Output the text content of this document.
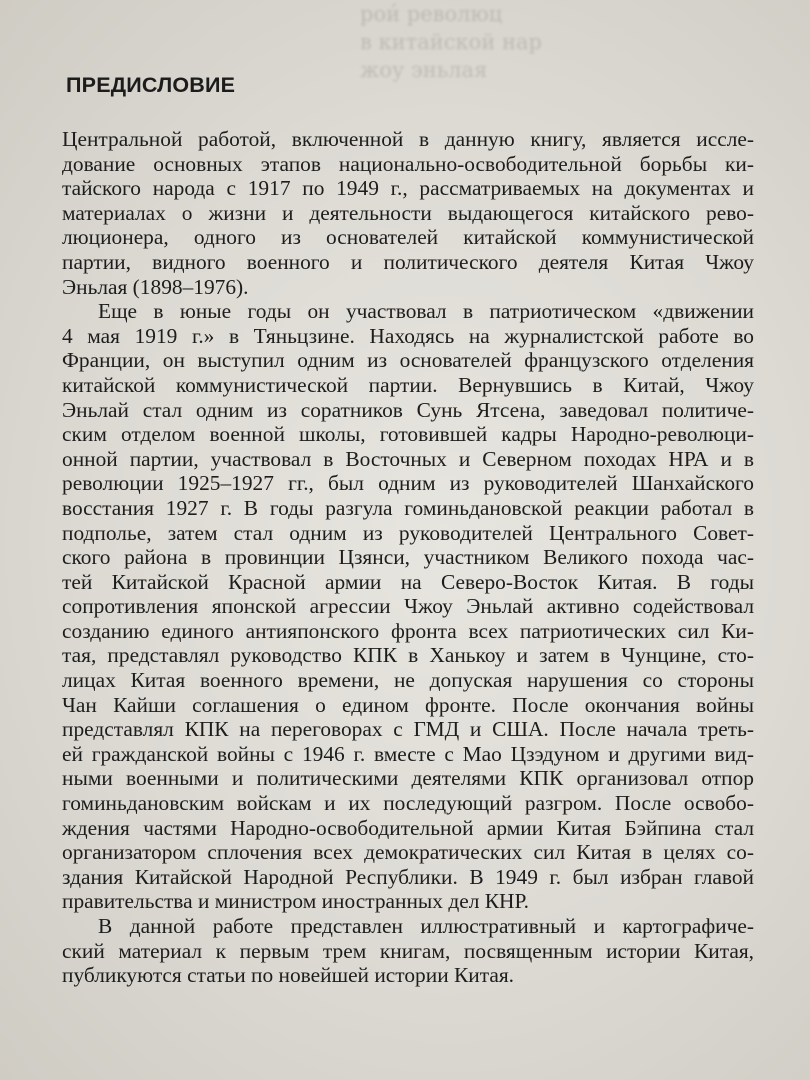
рои́ революц
в китайской нар
жоу эньлая
ПРЕДИСЛОВИЕ
Центральной работой, включенной в данную книгу, является иссле-
дование основных этапов национально-освободительной борьбы ки-
тайского народа с 1917 по 1949 г., рассматриваемых на документах и
материалах о жизни и деятельности выдающегося китайского рево-
люционера, одного из основателей китайской коммунистической
партии, видного военного и политического деятеля Китая Чжоу
Эньлая (1898–1976).
Еще в юные годы он участвовал в патриотическом «движении
4 мая 1919 г.» в Тяньцзине. Находясь на журналистской работе во
Франции, он выступил одним из основателей французского отделения
китайской коммунистической партии. Вернувшись в Китай, Чжоу
Эньлай стал одним из соратников Сунь Ятсена, заведовал политиче-
ским отделом военной школы, готовившей кадры Народно-революци-
онной партии, участвовал в Восточных и Северном походах НРА и в
революции 1925–1927 гг., был одним из руководителей Шанхайского
восстания 1927 г. В годы разгула гоминьдановской реакции работал в
подполье, затем стал одним из руководителей Центрального Совет-
ского района в провинции Цзянси, участником Великого похода час-
тей Китайской Красной армии на Северо-Восток Китая. В годы
сопротивления японской агрессии Чжоу Эньлай активно содействовал
созданию единого антияпонского фронта всех патриотических сил Ки-
тая, представлял руководство КПК в Ханькоу и затем в Чунцине, сто-
лицах Китая военного времени, не допуская нарушения со стороны
Чан Кайши соглашения о едином фронте. После окончания войны
представлял КПК на переговорах с ГМД и США. После начала треть-
ей гражданской войны с 1946 г. вместе с Мао Цзэдуном и другими вид-
ными военными и политическими деятелями КПК организовал отпор
гоминьдановским войскам и их последующий разгром. После освобо-
ждения частями Народно-освободительной армии Китая Бэйпина стал
организатором сплочения всех демократических сил Китая в целях со-
здания Китайской Народной Республики. В 1949 г. был избран главой
правительства и министром иностранных дел КНР.
В данной работе представлен иллюстративный и картографиче-
ский материал к первым трем книгам, посвященным истории Китая,
публикуются статьи по новейшей истории Китая.
